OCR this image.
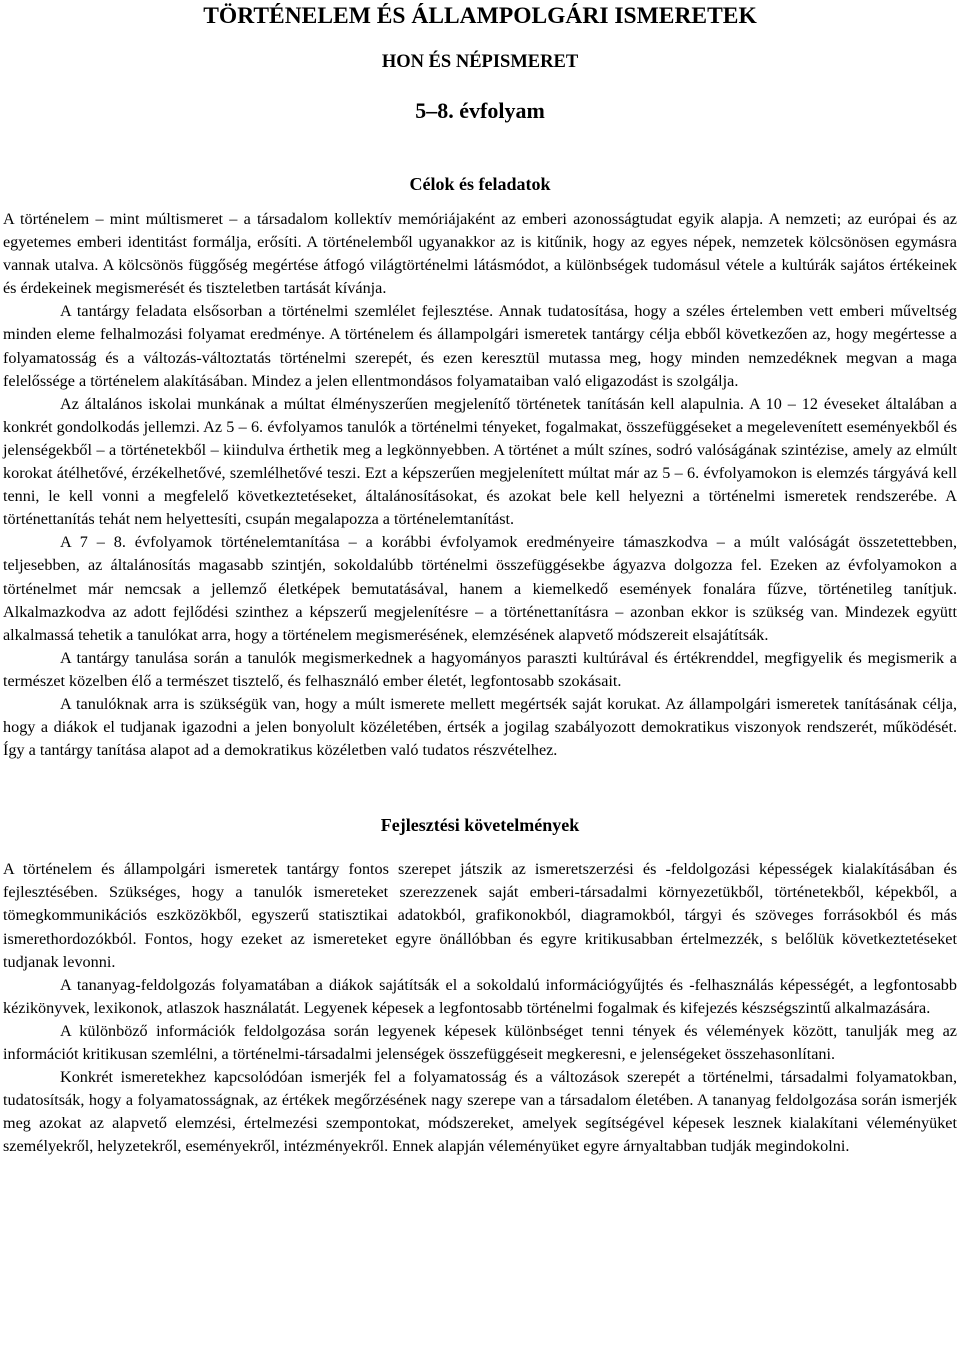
TÖRTÉNELEM ÉS ÁLLAMPOLGÁRI ISMERETEK
HON ÉS NÉPISMERET
5–8. évfolyam
Célok és feladatok

A történelem – mint múltismeret – a társadalom kollektív memóriájaként az emberi azonosságtudat egyik alapja. A nemzeti; az európai és az egyetemes emberi identitást formálja, erősíti. A történelemből ugyanakkor az is kitűnik, hogy az egyes népek, nemzetek kölcsönösen egymásra vannak utalva. A kölcsönös függőség megértése átfogó világtörténelmi látásmódot, a különbségek tudomásul vétele a kultúrák sajátos értékeinek és érdekeinek megismerését és tiszteletben tartását kívánja.

A tantárgy feladata elsősorban a történelmi szemlélet fejlesztése. Annak tudatosítása, hogy a széles értelemben vett emberi műveltség minden eleme felhalmozási folyamat eredménye. A történelem és állampolgári ismeretek tantárgy célja ebből következően az, hogy megértesse a folyamatosság és a változás-változtatás történelmi szerepét, és ezen keresztül mutassa meg, hogy minden nemzedéknek megvan a maga felelőssége a történelem alakításában. Mindez a jelen ellentmondásos folyamataiban való eligazodást is szolgálja.

Az általános iskolai munkának a múltat élményszerűen megjelenítő történetek tanításán kell alapulnia. A 10 – 12 éveseket általában a konkrét gondolkodás jellemzi. Az 5 – 6. évfolyamos tanulók a történelmi tényeket, fogalmakat, összefüggéseket a megelevenített eseményekből és jelenségekből – a történetekből – kiindulva érthetik meg a legkönnyebben. A történet a múlt színes, sodró valóságának szintézise, amely az elmúlt korokat átélhetővé, érzékelhetővé, szemlélhetővé teszi. Ezt a képszerűen megjelenített múltat már az 5 – 6. évfolyamokon is elemzés tárgyává kell tenni, le kell vonni a megfelelő következtetéseket, általánosításokat, és azokat bele kell helyezni a történelmi ismeretek rendszerébe. A történettanítás tehát nem helyettesíti, csupán megalapozza a történelemtanítást.

A 7 – 8. évfolyamok történelemtanítása – a korábbi évfolyamok eredményeire támaszkodva – a múlt valóságát összetettebben, teljesebben, az általánosítás magasabb szintjén, sokoldalúbb történelmi összefüggésekbe ágyazva dolgozza fel. Ezeken az évfolyamokon a történelmet már nemcsak a jellemző életképek bemutatásával, hanem a kiemelkedő események fonalára fűzve, történetileg tanítjuk. Alkalmazkodva az adott fejlődési szinthez a képszerű megjelenítésre – a történettanításra – azonban ekkor is szükség van. Mindezek együtt alkalmassá tehetik a tanulókat arra, hogy a történelem megismerésének, elemzésének alapvető módszereit elsajátítsák.

A tantárgy tanulása során a tanulók megismerkednek a hagyományos paraszti kultúrával és értékrenddel, megfigyelik és megismerik a természet közelben élő a természet tisztelő, és felhasználó ember életét, legfontosabb szokásait.

A tanulóknak arra is szükségük van, hogy a múlt ismerete mellett megértsék saját korukat. Az állampolgári ismeretek tanításának célja, hogy a diákok el tudjanak igazodni a jelen bonyolult közéletében, értsék a jogilag szabályozott demokratikus viszonyok rendszerét, működését. Így a tantárgy tanítása alapot ad a demokratikus közéletben való tudatos részvételhez.

Fejlesztési követelmények

A történelem és állampolgári ismeretek tantárgy fontos szerepet játszik az ismeretszerzési és -feldolgozási képességek kialakításában és fejlesztésében. Szükséges, hogy a tanulók ismereteket szerezzenek saját emberi-társadalmi környezetükből, történetekből, képekből, a tömegkommunikációs eszközökből, egyszerű statisztikai adatokból, grafikonokból, diagramokból, tárgyi és szöveges forrásokból és más ismerethordozókból. Fontos, hogy ezeket az ismereteket egyre önállóbban és egyre kritikusabban értelmezzék, s belőlük következtetéseket tudjanak levonni.

A tananyag-feldolgozás folyamatában a diákok sajátítsák el a sokoldalú információgyűjtés és -felhasználás képességét, a legfontosabb kézikönyvek, lexikonok, atlaszok használatát. Legyenek képesek a legfontosabb történelmi fogalmak és kifejezés készségszintű alkalmazására.

A különböző információk feldolgozása során legyenek képesek különbséget tenni tények és vélemények között, tanulják meg az információt kritikusan szemlélni, a történelmi-társadalmi jelenségek összefüggéseit megkeresni, e jelenségeket összehasonlítani.

Konkrét ismeretekhez kapcsolódóan ismerjék fel a folyamatosság és a változások szerepét a történelmi, társadalmi folyamatokban, tudatosítsák, hogy a folyamatosságnak, az értékek megőrzésének nagy szerepe van a társadalom életében. A tananyag feldolgozása során ismerjék meg azokat az alapvető elemzési, értelmezési szempontokat, módszereket, amelyek segítségével képesek lesznek kialakítani véleményüket személyekről, helyzetekről, eseményekről, intézményekről. Ennek alapján véleményüket egyre árnyaltabban tudják megindokolni.
